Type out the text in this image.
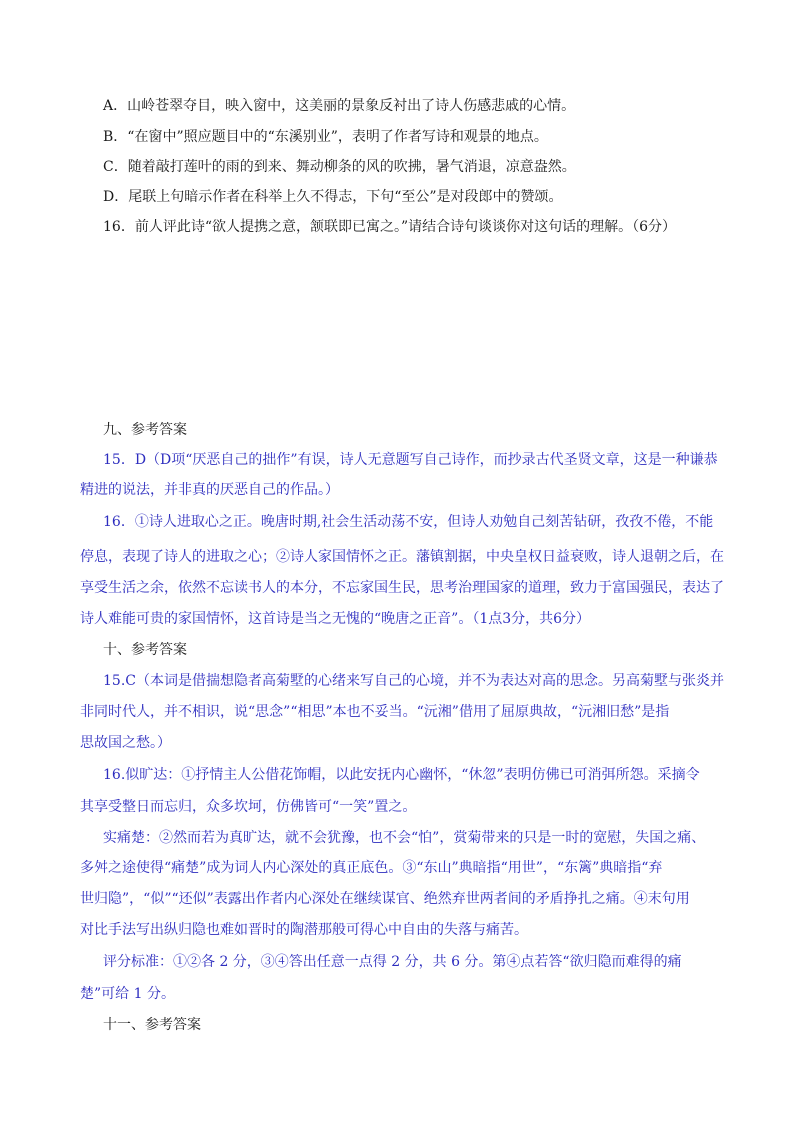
A．山岭苍翠夺目，映入窗中，这美丽的景象反衬出了诗人伤感悲戚的心情。
B．“在窗中”照应题目中的“东溪别业”，表明了作者写诗和观景的地点。
C．随着敲打莲叶的雨的到来、舞动柳条的风的吹拂，暑气消退，凉意盎然。
D．尾联上句暗示作者在科举上久不得志，下句“至公”是对段郎中的赞颂。
16．前人评此诗“欲人提携之意，颔联即已寓之。”请结合诗句谈谈你对这句话的理解。（6分）
九、参考答案
15．D（D项“厌恶自己的拙作”有误，诗人无意题写自己诗作，而抄录古代圣贤文章，这是一种谦恭
精进的说法，并非真的厌恶自己的作品。）
16．①诗人进取心之正。晚唐时期,社会生活动荡不安，但诗人劝勉自己刻苦钻研，孜孜不倦，不能
停息，表现了诗人的进取之心；②诗人家国情怀之正。藩镇割据，中央皇权日益衰败，诗人退朝之后，在
享受生活之余，依然不忘读书人的本分，不忘家国生民，思考治理国家的道理，致力于富国强民，表达了
诗人难能可贵的家国情怀，这首诗是当之无愧的“晚唐之正音”。（1点3分，共6分）
十、参考答案
15.C（本词是借揣想隐者高菊墅的心绪来写自己的心境，并不为表达对高的思念。另高菊墅与张炎并
非同时代人，并不相识，说“思念”“相思”本也不妥当。“沅湘”借用了屈原典故，“沅湘旧愁”是指
思故国之愁。）
16.似旷达：①抒情主人公借花饰帽，以此安抚内心幽怀，“休忽”表明仿佛已可消弭所怨。采摘令
其享受整日而忘归，众多坎坷，仿佛皆可“一笑”置之。
实痛楚：②然而若为真旷达，就不会犹豫，也不会“怕”，赏菊带来的只是一时的宽慰，失国之痛、
多舛之途使得“痛楚”成为词人内心深处的真正底色。③“东山”典暗指“用世”，“东篱”典暗指“弃
世归隐”，“似”“还似”表露出作者内心深处在继续谋官、绝然弃世两者间的矛盾挣扎之痛。④末句用
对比手法写出纵归隐也难如晋时的陶潜那般可得心中自由的失落与痛苦。
评分标准：①②各 2 分，③④答出任意一点得 2 分，共 6 分。第④点若答“欲归隐而难得的痛
楚”可给 1 分。
十一、参考答案
